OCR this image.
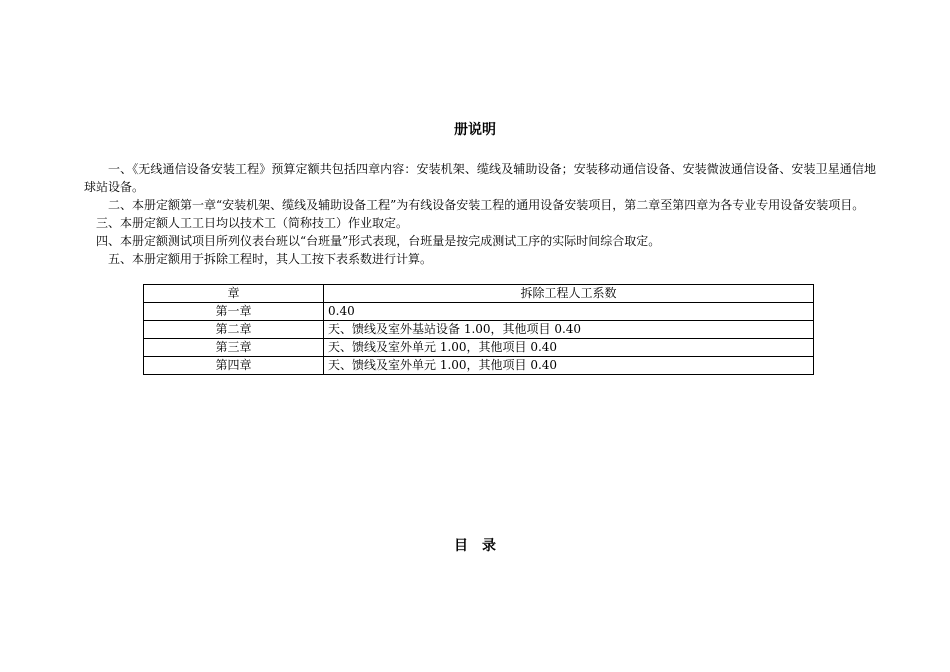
册说明

一、《无线通信设备安装工程》预算定额共包括四章内容：安装机架、缆线及辅助设备；安装移动通信设备、安装微波通信设备、安装卫星通信地球站设备。

二、本册定额第一章“安装机架、缆线及辅助设备工程”为有线设备安装工程的通用设备安装项目，第二章至第四章为各专业专用设备安装项目。

三、本册定额人工工日均以技术工（简称技工）作业取定。

四、本册定额测试项目所列仪表台班以“台班量”形式表现，台班量是按完成测试工序的实际时间综合取定。

五、本册定额用于拆除工程时，其人工按下表系数进行计算。

章	拆除工程人工系数
第一章	0.40
第二章	天、馈线及室外基站设备 1.00，其他项目 0.40
第三章	天、馈线及室外单元 1.00，其他项目 0.40
第四章	天、馈线及室外单元 1.00，其他项目 0.40
目录
